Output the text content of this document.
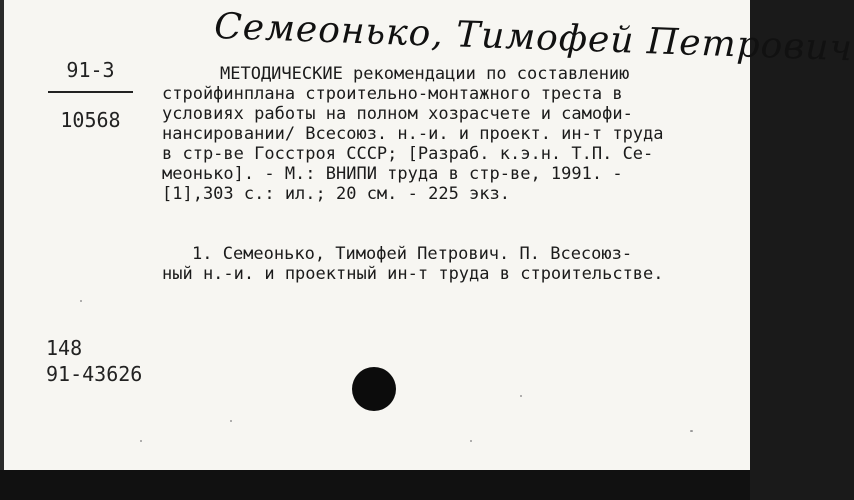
Семеонько, Тимофей Петрович
91-3
10568
МЕТОДИЧЕСКИЕ рекомендации по составлению
стройфинплана строительно-монтажного треста в
условиях работы на полном хозрасчете и самофи-
нансировании/ Всесоюз. н.-и. и проект. ин-т труда
в стр-ве Госстроя СССР; [Разраб. к.э.н. Т.П. Се-
меонько]. - М.: ВНИПИ труда в стр-ве, 1991. -
[1],303 с.: ил.; 20 см. - 225 экз.
1. Семеонько, Тимофей Петрович. П. Всесоюз-
ный н.-и. и проектный ин-т труда в строительстве.
148
91-43626
